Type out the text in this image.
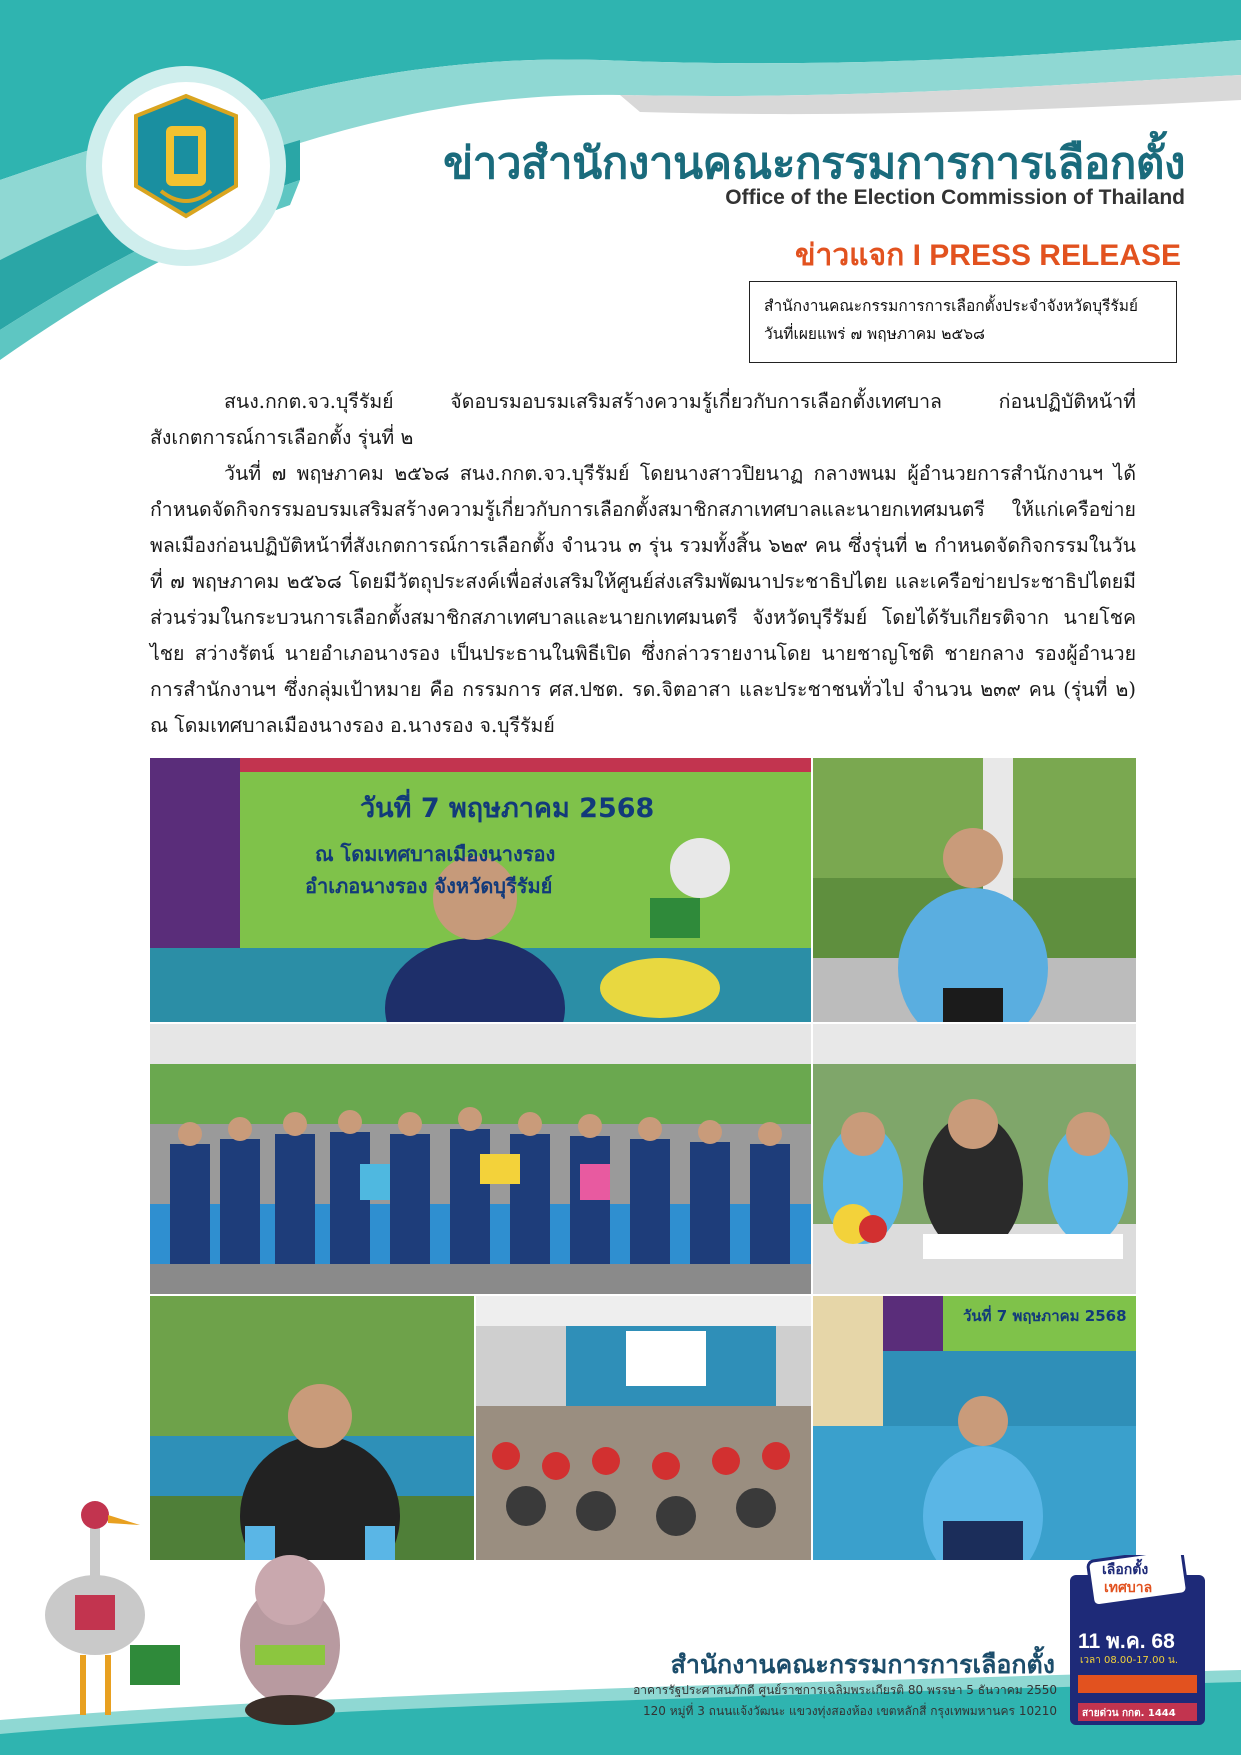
ข่าวสำนักงานคณะกรรมการการเลือกตั้ง
Office of the Election Commission of Thailand
ข่าวแจก I PRESS RELEASE
สำนักงานคณะกรรมการการเลือกตั้งประจำจังหวัดบุรีรัมย์
วันที่เผยแพร่ ๗ พฤษภาคม ๒๕๖๘

สนง.กกต.จว.บุรีรัมย์ จัดอบรมอบรมเสริมสร้างความรู้เกี่ยวกับการเลือกตั้งเทศบาล ก่อนปฏิบัติหน้าที่สังเกตการณ์การเลือกตั้ง รุ่นที่ ๒

วันที่ ๗ พฤษภาคม ๒๕๖๘ สนง.กกต.จว.บุรีรัมย์ โดยนางสาวปิยนาฏ กลางพนม ผู้อำนวยการสำนักงานฯ ได้กำหนดจัดกิจกรรมอบรมเสริมสร้างความรู้เกี่ยวกับการเลือกตั้งสมาชิกสภาเทศบาลและนายกเทศมนตรี ให้แก่เครือข่ายพลเมืองก่อนปฏิบัติหน้าที่สังเกตการณ์การเลือกตั้ง จำนวน ๓ รุ่น รวมทั้งสิ้น ๖๒๙ คน ซึ่งรุ่นที่ ๒ กำหนดจัดกิจกรรมในวันที่ ๗ พฤษภาคม ๒๕๖๘ โดยมีวัตถุประสงค์เพื่อส่งเสริมให้ศูนย์ส่งเสริมพัฒนาประชาธิปไตย และเครือข่ายประชาธิปไตยมีส่วนร่วมในกระบวนการเลือกตั้งสมาชิกสภาเทศบาลและนายกเทศมนตรี จังหวัดบุรีรัมย์ โดยได้รับเกียรติจาก นายโชคไชย สว่างรัตน์ นายอำเภอนางรอง เป็นประธานในพิธีเปิด ซึ่งกล่าวรายงานโดย นายชาญโชติ ชายกลาง รองผู้อำนวยการสำนักงานฯ ซึ่งกลุ่มเป้าหมาย คือ กรรมการ ศส.ปชต. รด.จิตอาสา และประชาชนทั่วไป จำนวน ๒๓๙ คน (รุ่นที่ ๒) ณ โดมเทศบาลเมืองนางรอง อ.นางรอง จ.บุรีรัมย์

วันที่ 7 พฤษภาคม 2568
ณ โดมเทศบาลเมืองนางรอง
อำเภอนางรอง จังหวัดบุรีรัมย์
วันที่ 7 พฤษภาคม 2568
สำนักงานคณะกรรมการการเลือกตั้ง
อาคารรัฐประศาสนภักดี ศูนย์ราชการเฉลิมพระเกียรติ 80 พรรษา 5 ธันวาคม 2550
120 หมู่ที่ 3 ถนนแจ้งวัฒนะ แขวงทุ่งสองห้อง เขตหลักสี่ กรุงเทพมหานคร 10210
เลือกตั้ง
เทศบาล
11 พ.ค. 68
เวลา 08.00-17.00 น.
สายด่วน กกต. 1444
